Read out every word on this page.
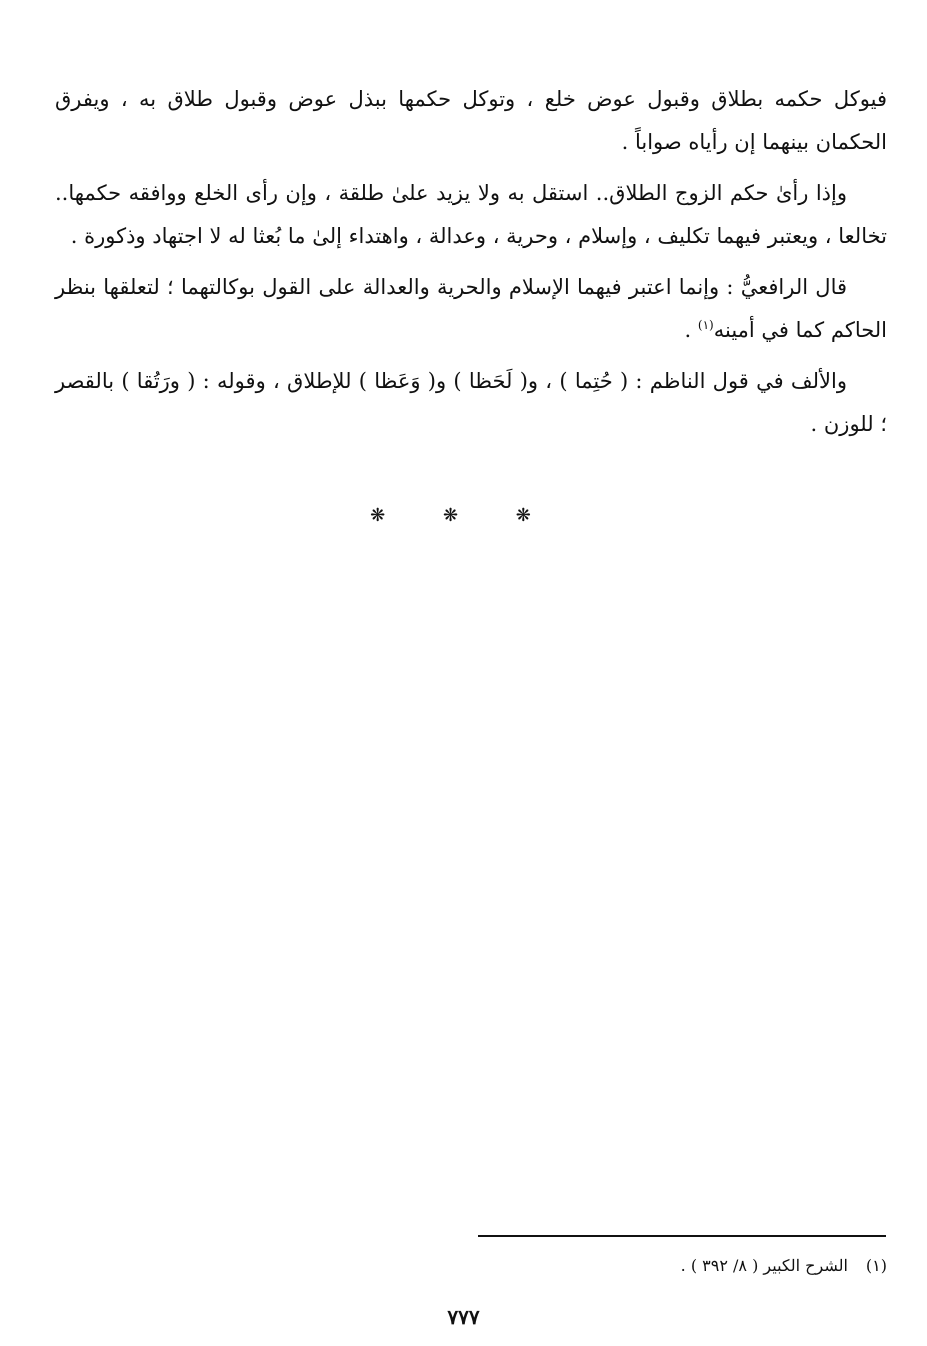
فيوكل حكمه بطلاق وقبول عوض خلع ، وتوكل حكمها ببذل عوض وقبول طلاق به ، ويفرق الحكمان بينهما إن رأياه صواباً .

وإذا رأىٰ حكم الزوج الطلاق.. استقل به ولا يزيد علىٰ طلقة ، وإن رأى الخلع ووافقه حكمها.. تخالعا ، ويعتبر فيهما تكليف ، وإسلام ، وحرية ، وعدالة ، واهتداء إلىٰ ما بُعثا له لا اجتهاد وذكورة .

قال الرافعيُّ : وإنما اعتبر فيهما الإسلام والحرية والعدالة على القول بوكالتهما ؛ لتعلقها بنظر الحاكم كما في أمينه$^{(١)}$ .

والألف في قول الناظم : ( حُتِما ) ، و( لَحَظا ) و( وَعَظا ) للإطلاق ، وقوله : ( ورَتُقا ) بالقصر ؛ للوزن .

❋ ❋ ❋
(١)الشرح الكبير ( ٨/ ٣٩٢ ) .
٧٧٧
